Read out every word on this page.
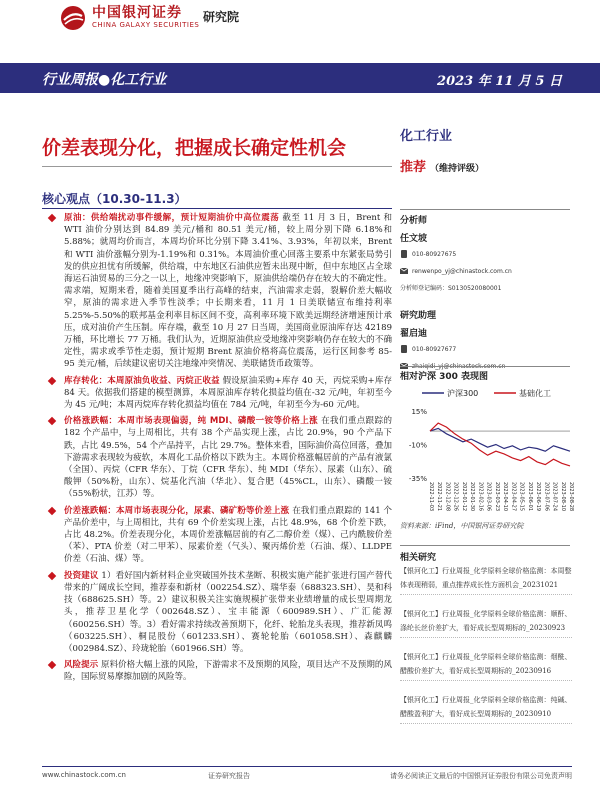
中国银河证券
CHINA GALAXY SECURITIES
研究院
行业周报●化工行业	2023 年 11 月 5 日
价差表现分化，把握成长确定性机会
化工行业
推荐 （维持评级）
核心观点（10.30-11.3）
原油：供给端扰动事件缓解，预计短期油价中高位震荡 截至 11 月 3 日，Brent 和 WTI 油价分别达到 84.89 美元/桶和 80.51 美元/桶，较上周分别下降 6.18%和 5.88%；就周均价而言，本周均价环比分别下降 3.41%、3.93%，年初以来，Brent 和 WTI 油价涨幅分别为-1.19%和 0.31%。本周油价重心回落主要系中东紧张局势引发的供应担忧有所缓解，供给端，中东地区石油供应暂未出现中断，但中东地区占全球海运石油贸易的三分之一以上，地缘冲突影响下，原油供给端仍存在较大的不确定性。需求端，短期来看，随着美国夏季出行高峰的结束，汽油需求走弱，裂解价差大幅收窄，原油的需求进入季节性淡季；中长期来看，11 月 1 日美联储宣布维持利率 5.25%-5.50%的联邦基金利率目标区间不变，高利率环境下欧美远期经济增速预计承压，成对油价产生压制。库存端，截至 10 月 27 日当周，美国商业原油库存达 42189 万桶，环比增长 77 万桶。我们认为，近期原油供应受地缘冲突影响仍存在较大的不确定性，需求或季节性走弱，预计短期 Brent 原油价格将高位震荡，运行区间参考 85-95 美元/桶，后续建议密切关注地缘冲突情况、美联储货币政策等。
库存转化：本周原油负收益、丙烷正收益 假设原油采购+库存 40 天，丙烷采购+库存 84 天。依据我们搭建的模型测算，本周原油库存转化损益均值在-32 元/吨，年初至今为 45 元/吨；本周丙烷库存转化损益均值在 784 元/吨，年初至今为-60 元/吨。
价格涨跌幅：本周市场表现偏弱，纯 MDI、磷酸一铵等价格上涨 在我们重点跟踪的 182 个产品中，与上周相比，共有 38 个产品实现上涨，占比 20.9%，90 个产品下跌，占比 49.5%，54 个产品持平，占比 29.7%。整体来看，国际油价高位回落，叠加下游需求表现较为疲软，本周化工品价格以下跌为主。本周价格涨幅居前的产品有液氯（全国）、丙烷（CFR 华东）、丁烷（CFR 华东）、纯 MDI（华东）、尿素（山东）、硫酸钾（50%粉，山东）、烷基化汽油（华北）、复合肥（45%CL，山东）、磷酸一铵（55%粉状，江苏）等。
价差涨跌幅：本周市场表现分化，尿素、磷矿粉等价差上涨 在我们重点跟踪的 141 个产品价差中，与上周相比，共有 69 个价差实现上涨，占比 48.9%，68 个价差下跌，占比 48.2%。价差表现分化，本周价差涨幅居前的有乙二醇价差（煤）、己内酰胺价差（苯）、PTA 价差（对二甲苯）、尿素价差（气头）、聚丙烯价差（石油、煤）、LLDPE 价差（石油、煤）等。
投资建议 1）看好国内新材料企业突破国外技术垄断、积极实施产能扩张进行国产替代带来的广阔成长空间，推荐泰和新材（002254.SZ）、瑞华泰（688323.SH）、昊和科技（688625.SH）等。2）建议积极关注实施规模扩张带来业绩增量的成长型周期龙头，推荐卫星化学（002648.SZ）、宝丰能源（600989.SH）、广汇能源（600256.SH）等。3）看好需求持续改善预期下，化纤、轮胎龙头表现，推荐新凤鸣（603225.SH）、桐昆股份（601233.SH）、赛轮轮胎（601058.SH）、森麒麟（002984.SZ）、玲珑轮胎（601966.SH）等。
风险提示 原料价格大幅上涨的风险，下游需求不及预期的风险，项目达产不及预期的风险，国际贸易摩擦加剧的风险等。
分析师
任文坡
010-80927675
renwenpo_yj@chinastock.com.cn
分析师登记编码：S0130520080001
研究助理
翟启迪
010-80927677
相对沪深 300 表现图
沪深300	基础化工
15%
-10%
-35%
2022-11-03 2022-11-21 2022-12-08 2022-12-26 2023-01-12 2023-01-30 2023-02-16 2023-03-06 2023-03-23 2023-04-10 2023-04-27 2023-05-15 2023-06-01 2023-06-19 2023-07-06 2023-07-24 2023-08-10 2023-08-28
资料来源：iFind，中国银河证券研究院
相关研究
【银河化工】行业周报_化学原料全球价格监测：本周整体表现稍弱，重点推荐成长性方面机会_20231021
【银河化工】行业周报_化学原料全球价格监测：顺酐、涤纶长丝价差扩大，看好成长型周期标的_20230923
【银河化工】行业周报_化学原料全球价格监测：烟酰、醋酸价差扩大，看好成长型周期标的_20230916
【银河化工】行业周报_化学原料全球价格监测：纯碱、醋酸盈利扩大，看好成长型周期标的_20230910
www.chinastock.com.cn	证券研究报告	请务必阅读正文最后的中国银河证券股份有限公司免责声明
